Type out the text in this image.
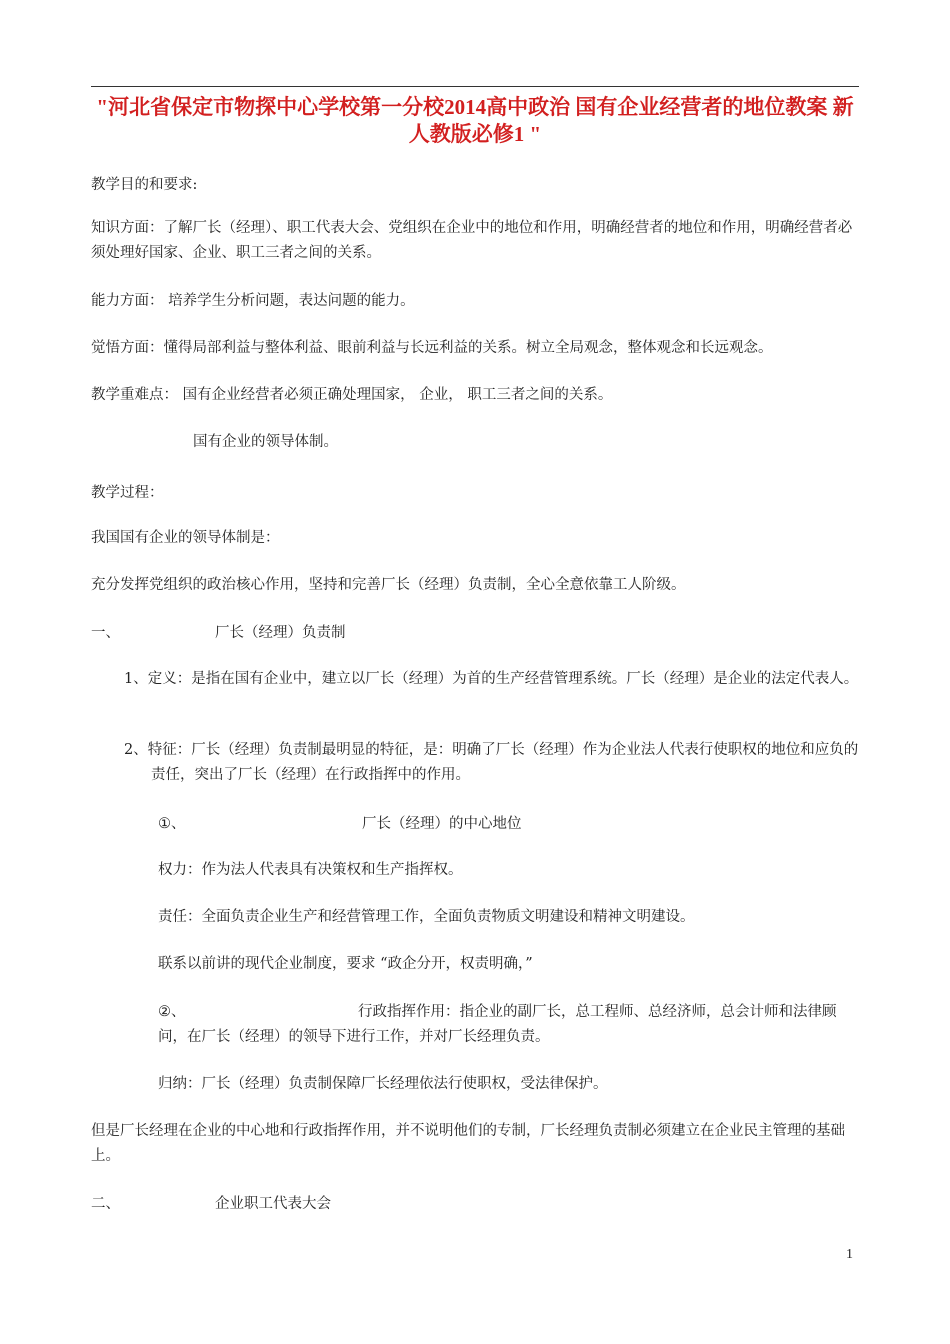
"河北省保定市物探中心学校第一分校2014高中政治 国有企业经营者的地位教案 新人教版必修1 "
教学目的和要求:
知识方面：了解厂长（经理）、职工代表大会、党组织在企业中的地位和作用，明确经营者的地位和作用，明确经营者必须处理好国家、企业、职工三者之间的关系。
能力方面： 培养学生分析问题，表达问题的能力。
觉悟方面：懂得局部利益与整体利益、眼前利益与长远利益的关系。树立全局观念，整体观念和长远观念。
教学重难点： 国有企业经营者必须正确处理国家， 企业， 职工三者之间的关系。
国有企业的领导体制。
教学过程：
我国国有企业的领导体制是：
充分发挥党组织的政治核心作用，坚持和完善厂长（经理）负责制，全心全意依靠工人阶级。
一、	厂长（经理）负责制
1、定义：是指在国有企业中，建立以厂长（经理）为首的生产经营管理系统。厂长（经理）是企业的法定代表人。
2、特征：厂长（经理）负责制最明显的特征，是：明确了厂长（经理）作为企业法人代表行使职权的地位和应负的责任，突出了厂长（经理）在行政指挥中的作用。
①、	厂长（经理）的中心地位
权力：作为法人代表具有决策权和生产指挥权。
责任：全面负责企业生产和经营管理工作，全面负责物质文明建设和精神文明建设。
联系以前讲的现代企业制度，要求 “政企分开，权责明确，”
②、	行政指挥作用：指企业的副厂长，总工程师、总经济师，总会计师和法律顾问，在厂长（经理）的领导下进行工作，并对厂长经理负责。
归纳：厂长（经理）负责制保障厂长经理依法行使职权，受法律保护。
但是厂长经理在企业的中心地和行政指挥作用，并不说明他们的专制，厂长经理负责制必须建立在企业民主管理的基础上。
二、	企业职工代表大会
1
